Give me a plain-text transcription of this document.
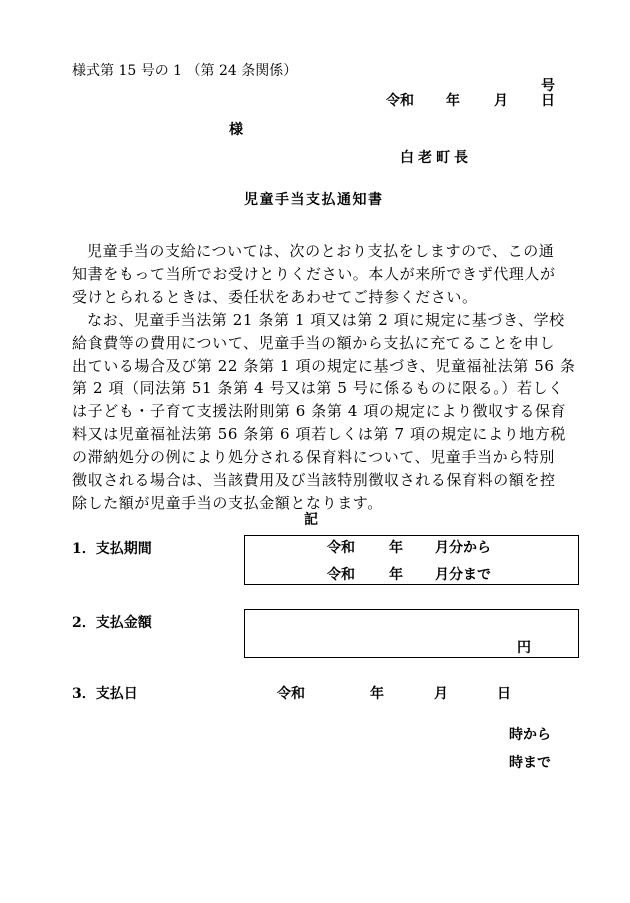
様式第 15 号の 1 （第 24 条関係）
号
令和 年 月 日
様
白老町長
児童手当支払通知書

児童手当の支給については、次のとおり支払をしますので、この通
知書をもって当所でお受けとりください。本人が来所できず代理人が
受けとられるときは、委任状をあわせてご持参ください。

なお、児童手当法第 21 条第 1 項又は第 2 項に規定に基づき、学校
給食費等の費用について、児童手当の額から支払に充てることを申し
出ている場合及び第 22 条第 1 項の規定に基づき、児童福祉法第 56 条
第 2 項（同法第 51 条第 4 号又は第 5 号に係るものに限る。）若しく
は子ども・子育て支援法附則第 6 条第 4 項の規定により徴収する保育
料又は児童福祉法第 56 条第 6 項若しくは第 7 項の規定により地方税
の滞納処分の例により処分される保育料について、児童手当から特別
徴収される場合は、当該費用及び当該特別徴収される保育料の額を控
除した額が児童手当の支払金額となります。

記
1．支払期間	令和 年 月分から
令和 年 月分まで
2．支払金額
円
3．支払日	令和	年	月	日
時から
時まで
